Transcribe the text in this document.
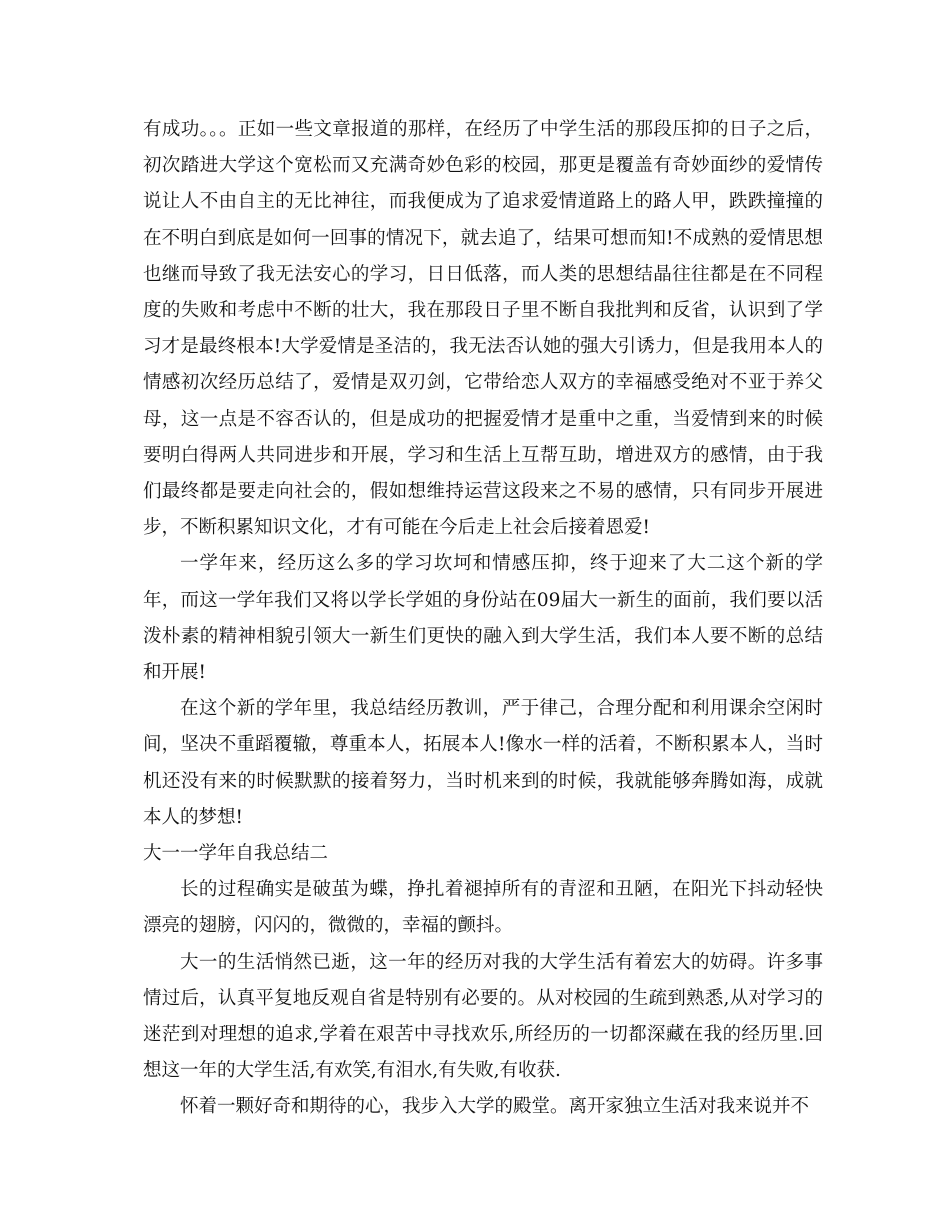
有成功。。。正如一些文章报道的那样，在经历了中学生活的那段压抑的日子之后，初次踏进大学这个宽松而又充满奇妙色彩的校园，那更是覆盖有奇妙面纱的爱情传说让人不由自主的无比神往，而我便成为了追求爱情道路上的路人甲，跌跌撞撞的在不明白到底是如何一回事的情况下，就去追了，结果可想而知!不成熟的爱情思想也继而导致了我无法安心的学习，日日低落，而人类的思想结晶往往都是在不同程度的失败和考虑中不断的壮大，我在那段日子里不断自我批判和反省，认识到了学习才是最终根本!大学爱情是圣洁的，我无法否认她的强大引诱力，但是我用本人的情感初次经历总结了，爱情是双刃剑，它带给恋人双方的幸福感受绝对不亚于养父母，这一点是不容否认的，但是成功的把握爱情才是重中之重，当爱情到来的时候要明白得两人共同进步和开展，学习和生活上互帮互助，增进双方的感情，由于我们最终都是要走向社会的，假如想维持运营这段来之不易的感情，只有同步开展进步，不断积累知识文化，才有可能在今后走上社会后接着恩爱!

一学年来，经历这么多的学习坎坷和情感压抑，终于迎来了大二这个新的学年，而这一学年我们又将以学长学姐的身份站在09届大一新生的面前，我们要以活泼朴素的精神相貌引领大一新生们更快的融入到大学生活，我们本人要不断的总结和开展!

在这个新的学年里，我总结经历教训，严于律己，合理分配和利用课余空闲时间，坚决不重蹈覆辙，尊重本人，拓展本人!像水一样的活着，不断积累本人，当时机还没有来的时候默默的接着努力，当时机来到的时候，我就能够奔腾如海，成就本人的梦想!

大一一学年自我总结二

长的过程确实是破茧为蝶，挣扎着褪掉所有的青涩和丑陋，在阳光下抖动轻快漂亮的翅膀，闪闪的，微微的，幸福的颤抖。

大一的生活悄然已逝，这一年的经历对我的大学生活有着宏大的妨碍。许多事情过后，认真平复地反观自省是特别有必要的。从对校园的生疏到熟悉,从对学习的迷茫到对理想的追求,学着在艰苦中寻找欢乐,所经历的一切都深藏在我的经历里.回想这一年的大学生活,有欢笑,有泪水,有失败,有收获.

怀着一颗好奇和期待的心，我步入大学的殿堂。离开家独立生活对我来说并不
